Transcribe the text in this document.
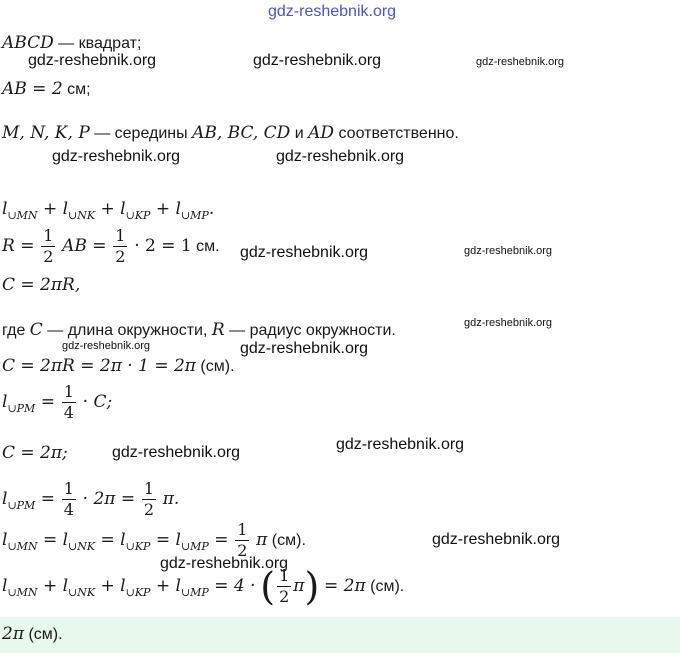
gdz-reshebnik.org
ABCD — квадрат;
gdz-reshebnik.org	gdz-reshebnik.org	gdz-reshebnik.org
AB = 2 см;
M, N, K, P — середины AB, BC, CD и AD соответственно.
gdz-reshebnik.org	gdz-reshebnik.org
$l_{\cup MN} + l_{\cup NK} + l_{\cup KP} + l_{\cup MP}$.
$R = \frac{1}{2}$ AB = $\frac{1}{2} \cdot 2 = 1$ см. gdz-reshebnik.org	gdz-reshebnik.org
C = 2πR,
где C — длина окружности, R — радиус окружности.	gdz-reshebnik.org
gdz-reshebnik.org	gdz-reshebnik.org
C = 2πR = 2π · 1 = 2π (см).
$l_{\cup PM} = \frac{1}{4} \cdot C$;
C = 2π;	gdz-reshebnik.org
gdz-reshebnik.org
$l_{\cup PM} = \frac{1}{4} \cdot 2\pi = \frac{1}{2} \pi$.
$l_{\cup MN} = l_{\cup NK} = l_{\cup KP} = l_{\cup MP} = \frac{1}{2}$ π (см).	gdz-reshebnik.org
gdz-reshebnik.org
$l_{\cup MN} + l_{\cup NK} + l_{\cup KP} + l_{\cup MP} = 4$ · ( $\frac{1}{2} \pi) = 2\pi$ (см).
2π (см).
